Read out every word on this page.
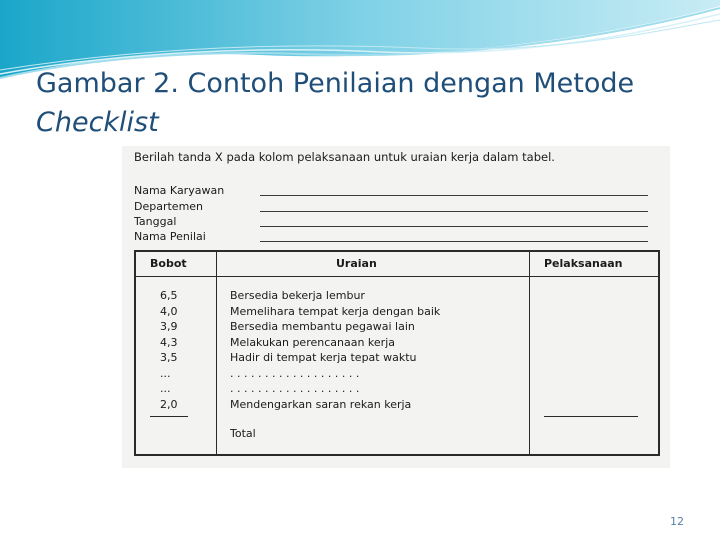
Gambar 2. Contoh Penilaian dengan Metode Checklist
Berilah tanda X pada kolom pelaksanaan untuk uraian kerja dalam tabel.
Nama Karyawan
Departemen
Tanggal
Nama Penilai
Bobot	Uraian	Pelaksanaan
6,5	Bersedia bekerja lembur
4,0	Memelihara tempat kerja dengan baik
3,9	Bersedia membantu pegawai lain
4,3	Melakukan perencanaan kerja
3,5	Hadir di tempat kerja tepat waktu
...	. . . . . . . . . . . . . . . . . . .
...	. . . . . . . . . . . . . . . . . . .
2,0	Mendengarkan saran rekan kerja
Total
12
